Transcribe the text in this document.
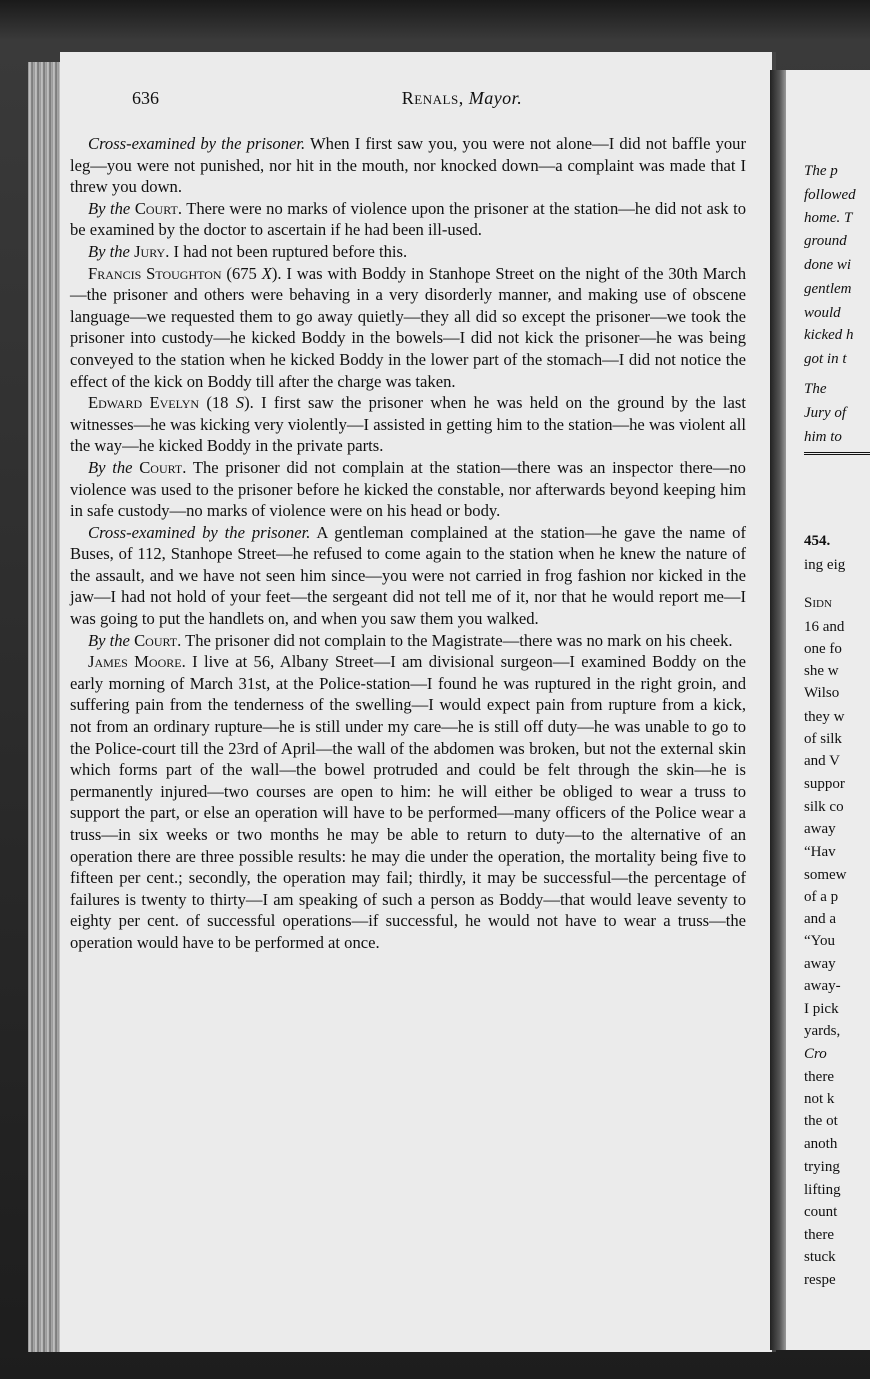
The p
followed
home. T
ground
done wi
gentlem
would
kicked h
got in t
The
Jury of
him to
454.
ing eig
Sidn
16 and
one fo
she w
Wilso
they w
of silk
and V
suppor
silk co
away
“Hav
somew
of a p
and a
“You
away
away-
I pick
yards,
Cro
there
not k
the ot
anoth
trying
lifting
count
there
stuck
respe
636	Renals, Mayor.

Cross-examined by the prisoner. When I first saw you, you were not alone—I did not baffle your leg—you were not punished, nor hit in the mouth, nor knocked down—a complaint was made that I threw you down.

By the Court. There were no marks of violence upon the prisoner at the station—he did not ask to be examined by the doctor to ascertain if he had been ill-used.

By the Jury. I had not been ruptured before this.

Francis Stoughton (675 X). I was with Boddy in Stanhope Street on the night of the 30th March—the prisoner and others were behaving in a very disorderly manner, and making use of obscene language—we requested them to go away quietly—they all did so except the prisoner—we took the prisoner into custody—he kicked Boddy in the bowels—I did not kick the prisoner—he was being conveyed to the station when he kicked Boddy in the lower part of the stomach—I did not notice the effect of the kick on Boddy till after the charge was taken.

Edward Evelyn (18 S). I first saw the prisoner when he was held on the ground by the last witnesses—he was kicking very violently—I assisted in getting him to the station—he was violent all the way—he kicked Boddy in the private parts.

By the Court. The prisoner did not complain at the station—there was an inspector there—no violence was used to the prisoner before he kicked the constable, nor afterwards beyond keeping him in safe custody—no marks of violence were on his head or body.

Cross-examined by the prisoner. A gentleman complained at the station—he gave the name of Buses, of 112, Stanhope Street—he refused to come again to the station when he knew the nature of the assault, and we have not seen him since—you were not carried in frog fashion nor kicked in the jaw—I had not hold of your feet—the sergeant did not tell me of it, nor that he would report me—I was going to put the handlets on, and when you saw them you walked.

By the Court. The prisoner did not complain to the Magistrate—there was no mark on his cheek.

James Moore. I live at 56, Albany Street—I am divisional surgeon—I examined Boddy on the early morning of March 31st, at the Police-station—I found he was ruptured in the right groin, and suffering pain from the tenderness of the swelling—I would expect pain from rupture from a kick, not from an ordinary rupture—he is still under my care—he is still off duty—he was unable to go to the Police-court till the 23rd of April—the wall of the abdomen was broken, but not the external skin which forms part of the wall—the bowel protruded and could be felt through the skin—he is permanently injured—two courses are open to him: he will either be obliged to wear a truss to support the part, or else an operation will have to be performed—many officers of the Police wear a truss—in six weeks or two months he may be able to return to duty—to the alternative of an operation there are three possible results: he may die under the operation, the mortality being five to fifteen per cent.; secondly, the operation may fail; thirdly, it may be successful—the percentage of failures is twenty to thirty—I am speaking of such a person as Boddy—that would leave seventy to eighty per cent. of successful operations—if successful, he would not have to wear a truss—the operation would have to be performed at once.
